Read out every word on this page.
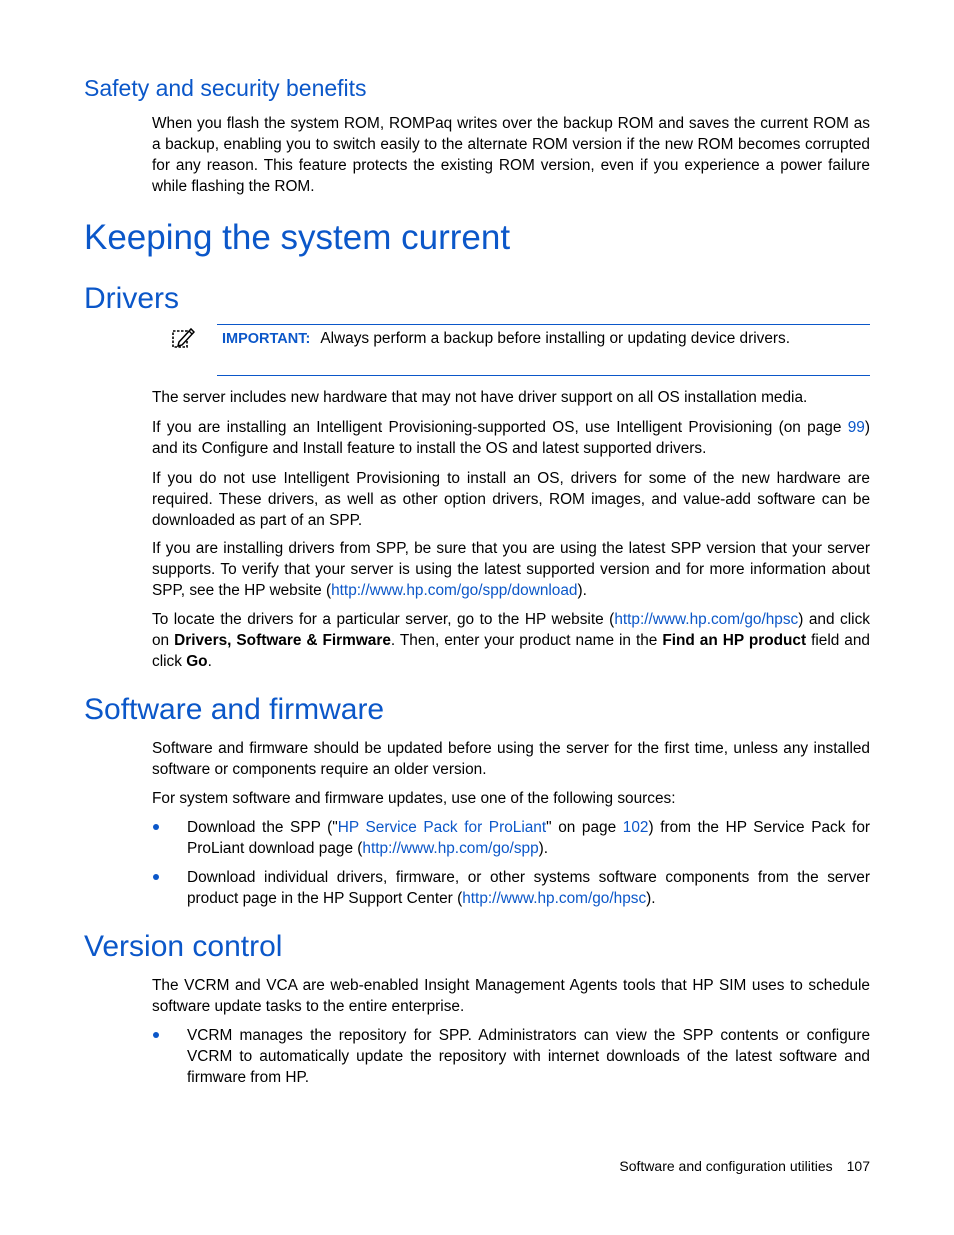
Safety and security benefits

When you flash the system ROM, ROMPaq writes over the backup ROM and saves the current ROM as a backup, enabling you to switch easily to the alternate ROM version if the new ROM becomes corrupted for any reason. This feature protects the existing ROM version, even if you experience a power failure while flashing the ROM.

Keeping the system current
Drivers
IMPORTANT: Always perform a backup before installing or updating device drivers.

The server includes new hardware that may not have driver support on all OS installation media.

If you are installing an Intelligent Provisioning-supported OS, use Intelligent Provisioning (on page 99) and its Configure and Install feature to install the OS and latest supported drivers.

If you do not use Intelligent Provisioning to install an OS, drivers for some of the new hardware are required. These drivers, as well as other option drivers, ROM images, and value-add software can be downloaded as part of an SPP.

If you are installing drivers from SPP, be sure that you are using the latest SPP version that your server supports. To verify that your server is using the latest supported version and for more information about SPP, see the HP website (http://www.hp.com/go/spp/download).

To locate the drivers for a particular server, go to the HP website (http://www.hp.com/go/hpsc) and click on Drivers, Software & Firmware. Then, enter your product name in the Find an HP product field and click Go.

Software and firmware

Software and firmware should be updated before using the server for the first time, unless any installed software or components require an older version.

For system software and firmware updates, use one of the following sources:

Download the SPP ("HP Service Pack for ProLiant" on page 102) from the HP Service Pack for ProLiant download page (http://www.hp.com/go/spp).

Download individual drivers, firmware, or other systems software components from the server product page in the HP Support Center (http://www.hp.com/go/hpsc).

Version control

The VCRM and VCA are web-enabled Insight Management Agents tools that HP SIM uses to schedule software update tasks to the entire enterprise.

VCRM manages the repository for SPP. Administrators can view the SPP contents or configure VCRM to automatically update the repository with internet downloads of the latest software and firmware from HP.

Software and configuration utilities 107
